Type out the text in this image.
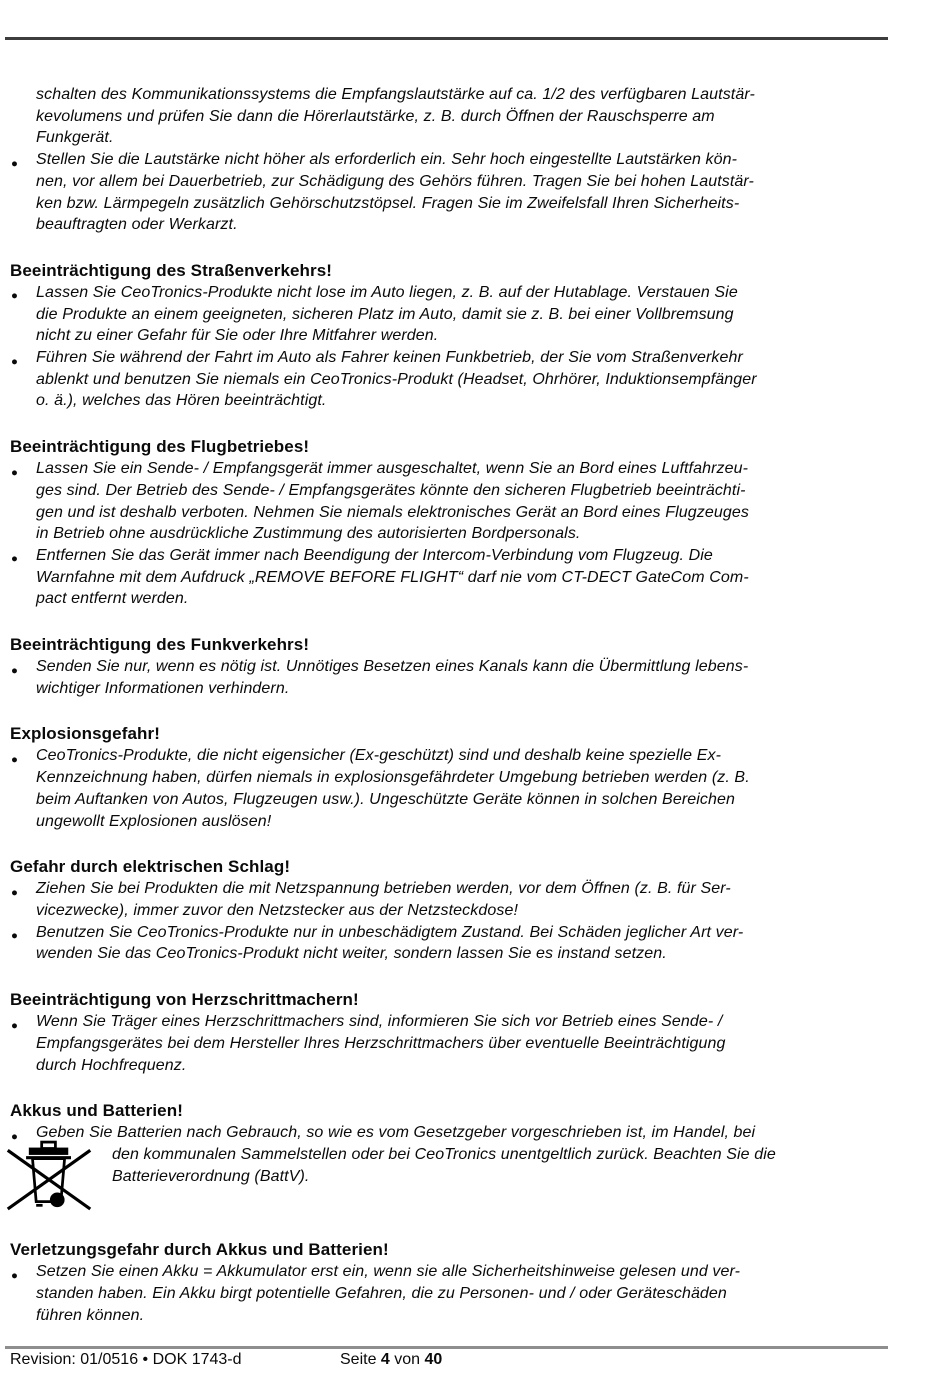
schalten des Kommunikationssystems die Empfangslautstärke auf ca. 1/2 des verfügbaren Lautstär-
kevolumens und prüfen Sie dann die Hörerlautstärke, z. B. durch Öffnen der Rauschsperre am
Funkgerät.
● Stellen Sie die Lautstärke nicht höher als erforderlich ein. Sehr hoch eingestellte Lautstärken kön-
nen, vor allem bei Dauerbetrieb, zur Schädigung des Gehörs führen. Tragen Sie bei hohen Lautstär-
ken bzw. Lärmpegeln zusätzlich Gehörschutzstöpsel. Fragen Sie im Zweifelsfall Ihren Sicherheits-
beauftragten oder Werkarzt.
Beeinträchtigung des Straßenverkehrs!
● Lassen Sie CeoTronics-Produkte nicht lose im Auto liegen, z. B. auf der Hutablage. Verstauen Sie
die Produkte an einem geeigneten, sicheren Platz im Auto, damit sie z. B. bei einer Vollbremsung
nicht zu einer Gefahr für Sie oder Ihre Mitfahrer werden.
● Führen Sie während der Fahrt im Auto als Fahrer keinen Funkbetrieb, der Sie vom Straßenverkehr
ablenkt und benutzen Sie niemals ein CeoTronics-Produkt (Headset, Ohrhörer, Induktionsempfänger
o. ä.), welches das Hören beeinträchtigt.
Beeinträchtigung des Flugbetriebes!
● Lassen Sie ein Sende- / Empfangsgerät immer ausgeschaltet, wenn Sie an Bord eines Luftfahrzeu-
ges sind. Der Betrieb des Sende- / Empfangsgerätes könnte den sicheren Flugbetrieb beeinträchti-
gen und ist deshalb verboten. Nehmen Sie niemals elektronisches Gerät an Bord eines Flugzeuges
in Betrieb ohne ausdrückliche Zustimmung des autorisierten Bordpersonals.
● Entfernen Sie das Gerät immer nach Beendigung der Intercom-Verbindung vom Flugzeug. Die
Warnfahne mit dem Aufdruck „REMOVE BEFORE FLIGHT“ darf nie vom CT-DECT GateCom Com-
pact entfernt werden.
Beeinträchtigung des Funkverkehrs!
● Senden Sie nur, wenn es nötig ist. Unnötiges Besetzen eines Kanals kann die Übermittlung lebens-
wichtiger Informationen verhindern.
Explosionsgefahr!
● CeoTronics-Produkte, die nicht eigensicher (Ex-geschützt) sind und deshalb keine spezielle Ex-
Kennzeichnung haben, dürfen niemals in explosionsgefährdeter Umgebung betrieben werden (z. B.
beim Auftanken von Autos, Flugzeugen usw.). Ungeschützte Geräte können in solchen Bereichen
ungewollt Explosionen auslösen!
Gefahr durch elektrischen Schlag!
● Ziehen Sie bei Produkten die mit Netzspannung betrieben werden, vor dem Öffnen (z. B. für Ser-
vicezwecke), immer zuvor den Netzstecker aus der Netzsteckdose!
● Benutzen Sie CeoTronics-Produkte nur in unbeschädigtem Zustand. Bei Schäden jeglicher Art ver-
wenden Sie das CeoTronics-Produkt nicht weiter, sondern lassen Sie es instand setzen.
Beeinträchtigung von Herzschrittmachern!
● Wenn Sie Träger eines Herzschrittmachers sind, informieren Sie sich vor Betrieb eines Sende- /
Empfangsgerätes bei dem Hersteller Ihres Herzschrittmachers über eventuelle Beeinträchtigung
durch Hochfrequenz.
Akkus und Batterien!
● Geben Sie Batterien nach Gebrauch, so wie es vom Gesetzgeber vorgeschrieben ist, im Handel, bei
den kommunalen Sammelstellen oder bei CeoTronics unentgeltlich zurück. Beachten Sie die
Batterieverordnung (BattV).
Verletzungsgefahr durch Akkus und Batterien!
● Setzen Sie einen Akku = Akkumulator erst ein, wenn sie alle Sicherheitshinweise gelesen und ver-
standen haben. Ein Akku birgt potentielle Gefahren, die zu Personen- und / oder Geräteschäden
führen können.
Revision: 01/0516 • DOK 1743-d	Seite 4 von 40
